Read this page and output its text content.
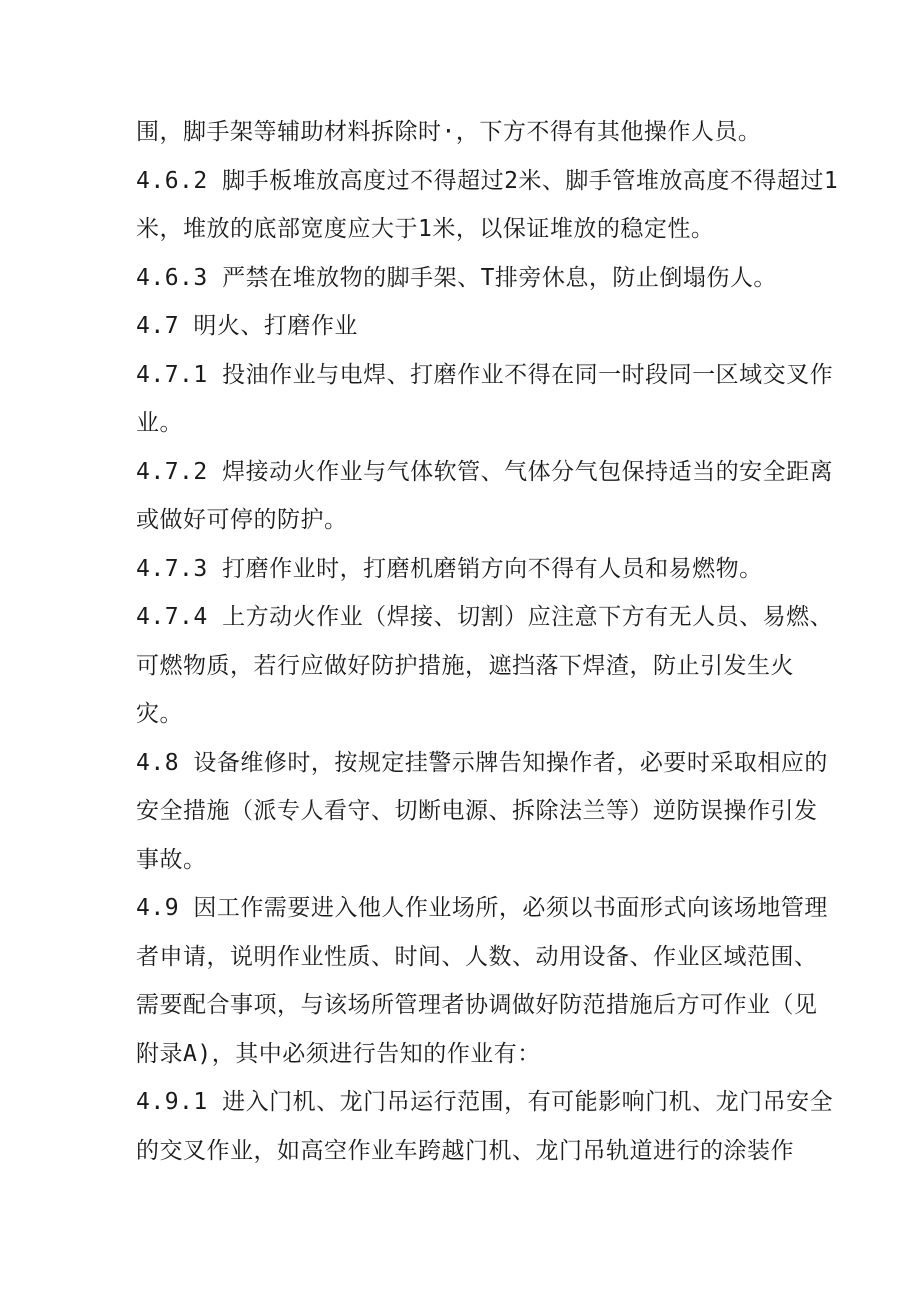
围，脚手架等辅助材料拆除时·，下方不得有其他操作人员。
4.6.2 脚手板堆放高度过不得超过2米、脚手管堆放高度不得超过1
米，堆放的底部宽度应大于1米，以保证堆放的稳定性。
4.6.3 严禁在堆放物的脚手架、T排旁休息，防止倒塌伤人。
4.7 明火、打磨作业
4.7.1 投油作业与电焊、打磨作业不得在同一时段同一区域交叉作
业。
4.7.2 焊接动火作业与气体软管、气体分气包保持适当的安全距离
或做好可停的防护。
4.7.3 打磨作业时，打磨机磨销方向不得有人员和易燃物。
4.7.4 上方动火作业（焊接、切割）应注意下方有无人员、易燃、
可燃物质，若行应做好防护措施，遮挡落下焊渣，防止引发生火
灾。
4.8 设备维修时，按规定挂警示牌告知操作者，必要时采取相应的
安全措施（派专人看守、切断电源、拆除法兰等）逆防误操作引发
事故。
4.9 因工作需要进入他人作业场所，必须以书面形式向该场地管理
者申请，说明作业性质、时间、人数、动用设备、作业区域范围、
需要配合事项，与该场所管理者协调做好防范措施后方可作业（见
附录A)，其中必须进行告知的作业有：
4.9.1 进入门机、龙门吊运行范围，有可能影响门机、龙门吊安全
的交叉作业，如高空作业车跨越门机、龙门吊轨道进行的涂装作
